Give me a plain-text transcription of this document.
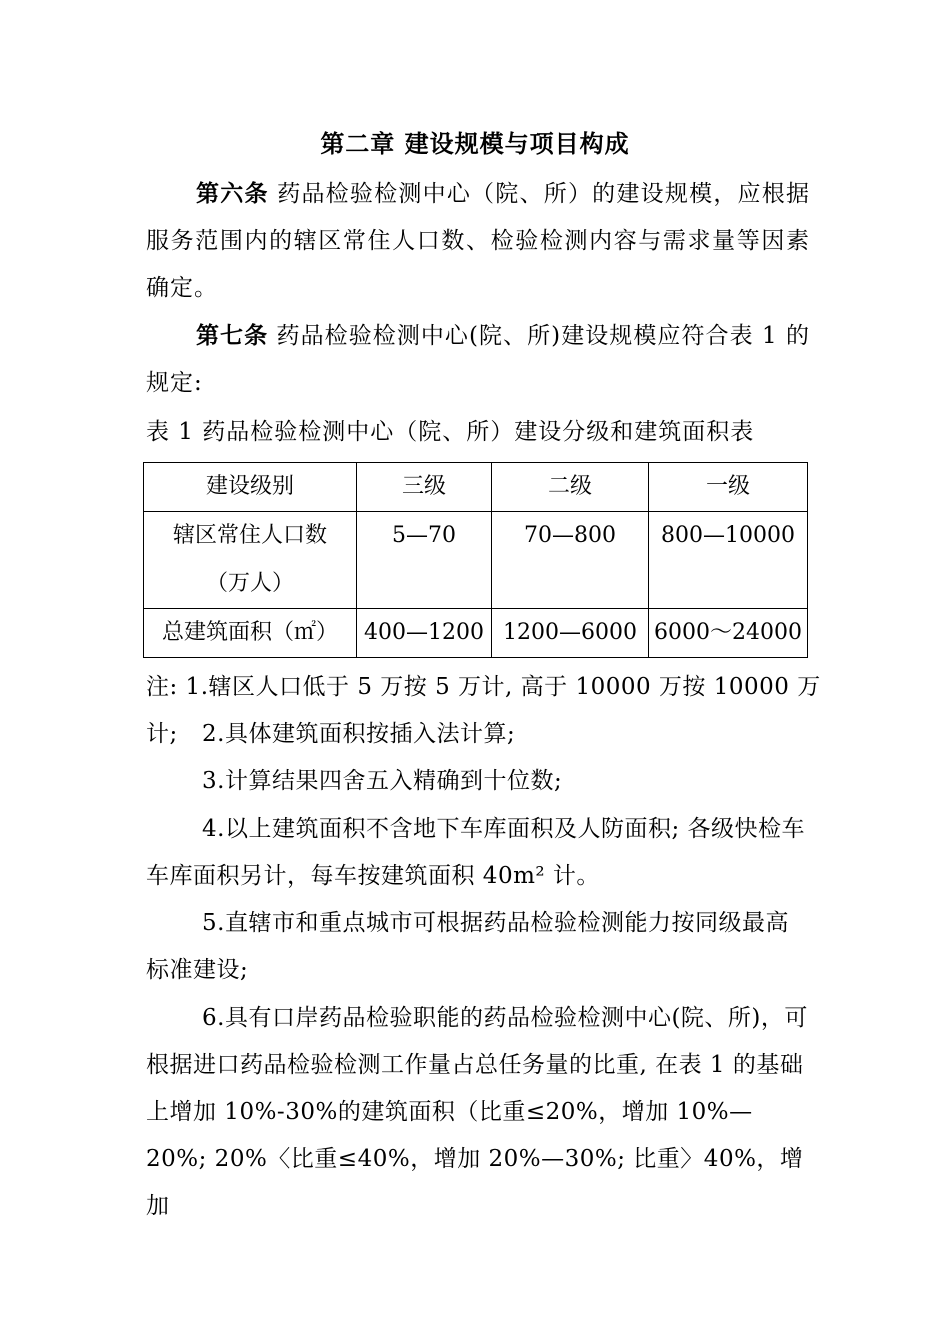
第二章 建设规模与项目构成
第六条 药品检验检测中心（院、所）的建设规模，应根据服务范围内的辖区常住人口数、检验检测内容与需求量等因素确定。
第七条 药品检验检测中心(院、所)建设规模应符合表 1 的规定:
表 1 药品检验检测中心（院、所）建设分级和建筑面积表
建设级别	三级	二级	一级

辖区常住人口数
（万人）	5—70	70—800	800—10000
总建筑面积（㎡）	400—1200	1200—6000	6000～24000
注: 1.辖区人口低于 5 万按 5 万计, 高于 10000 万按 10000 万计;	2.具体建筑面积按插入法计算;
3.计算结果四舍五入精确到十位数;
4.以上建筑面积不含地下车库面积及人防面积; 各级快检车车库面积另计，每车按建筑面积 40m² 计。
5.直辖市和重点城市可根据药品检验检测能力按同级最高标准建设;
6.具有口岸药品检验职能的药品检验检测中心(院、所)，可根据进口药品检验检测工作量占总任务量的比重, 在表 1 的基础上增加 10%-30%的建筑面积（比重≤20%，增加 10%—20%; 20%〈比重≤40%，增加 20%—30%; 比重〉40%，增加
